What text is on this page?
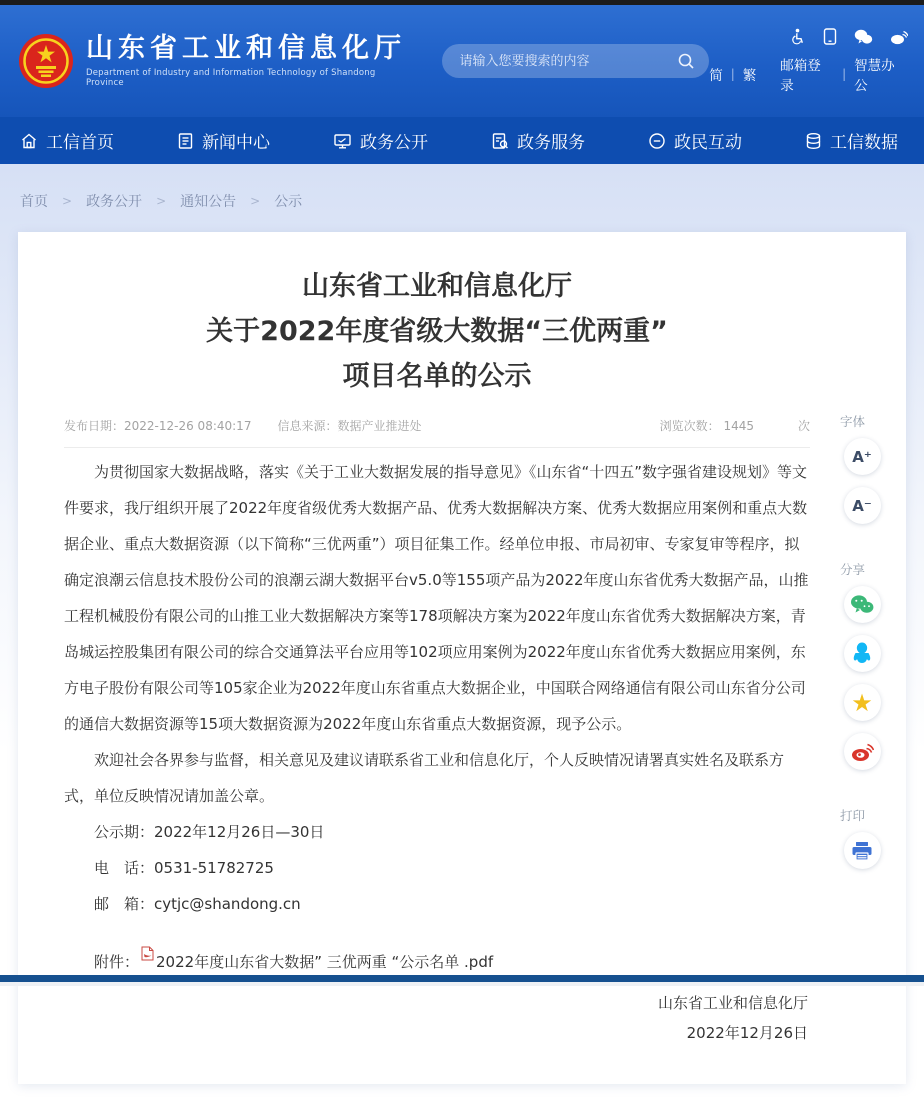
山东省工业和信息化厅
Department of Industry and Information Technology of Shandong Province
请输入您要搜索的内容	简 | 繁
邮箱登录
| 智慧办公
工信首页	新闻中心	政务公开	政务服务	政民互动	工信数据
首页 > 政务公开 > 通知公告 > 公示
山东省工业和信息化厅
关于2022年度省级大数据“三优两重”
项目名单的公示
发布日期：2022-12-26 08:40:17 信息来源：数据产业推进处	浏览次数： 1445	次

为贯彻国家大数据战略，落实《关于工业大数据发展的指导意见》《山东省“十四五”数字强省建设规划》等文件要求，我厅组织开展了2022年度省级优秀大数据产品、优秀大数据解决方案、优秀大数据应用案例和重点大数据企业、重点大数据资源（以下简称“三优两重”）项目征集工作。经单位申报、市局初审、专家复审等程序，拟确定浪潮云信息技术股份公司的浪潮云湖大数据平台v5.0等155项产品为2022年度山东省优秀大数据产品，山推工程机械股份有限公司的山推工业大数据解决方案等178项解决方案为2022年度山东省优秀大数据解决方案，青岛城运控股集团有限公司的综合交通算法平台应用等102项应用案例为2022年度山东省优秀大数据应用案例，东方电子股份有限公司等105家企业为2022年度山东省重点大数据企业，中国联合网络通信有限公司山东省分公司的通信大数据资源等15项大数据资源为2022年度山东省重点大数据资源，现予公示。

欢迎社会各界参与监督，相关意见及建议请联系省工业和信息化厅，个人反映情况请署真实姓名及联系方式，单位反映情况请加盖公章。

公示期：2022年12月26日—30日
电　话：0531-51782725
邮　箱：cytjc@shandong.cn
附件： 2022年度山东省大数据” 三优两重 “公示名单 .pdf
山东省工业和信息化厅
2022年12月26日
字体
A⁺
A⁻
分享
★
打印
